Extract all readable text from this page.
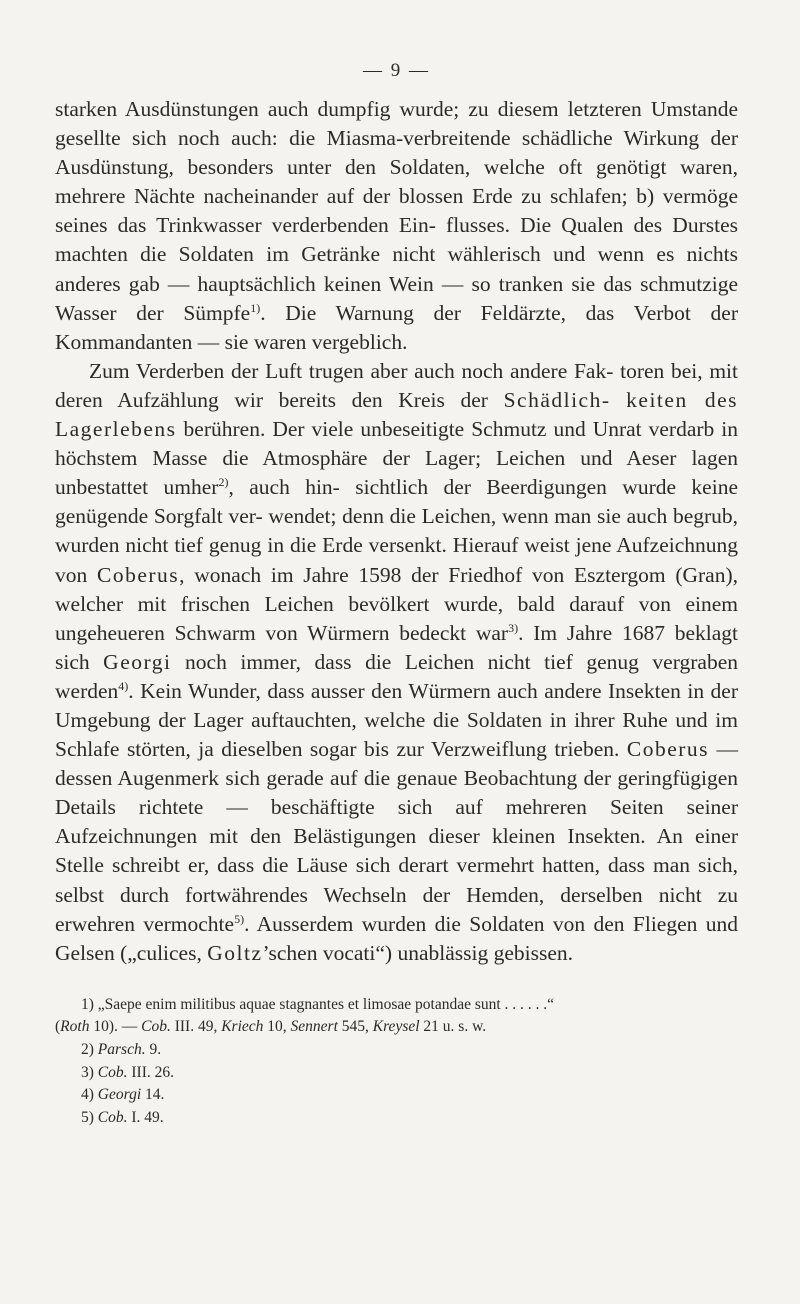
— 9 —

starken Ausdünstungen auch dumpfig wurde; zu diesem letzteren Umstande gesellte sich noch auch: die Miasma-verbreitende schädliche Wirkung der Ausdünstung, besonders unter den Soldaten, welche oft genötigt waren, mehrere Nächte nacheinander auf der blossen Erde zu schlafen; b) vermöge seines das Trinkwasser verderbenden Ein- flusses. Die Qualen des Durstes machten die Soldaten im Getränke nicht wählerisch und wenn es nichts anderes gab — hauptsächlich keinen Wein — so tranken sie das schmutzige Wasser der Sümpfe$^{1)}$. Die Warnung der Feldärzte, das Verbot der Kommandanten — sie waren vergeblich.

Zum Verderben der Luft trugen aber auch noch andere Fak- toren bei, mit deren Aufzählung wir bereits den Kreis der Schädlich- keiten des Lagerlebens berühren. Der viele unbeseitigte Schmutz und Unrat verdarb in höchstem Masse die Atmosphäre der Lager; Leichen und Aeser lagen unbestattet umher$^{2)}$, auch hin- sichtlich der Beerdigungen wurde keine genügende Sorgfalt ver- wendet; denn die Leichen, wenn man sie auch begrub, wurden nicht tief genug in die Erde versenkt. Hierauf weist jene Aufzeichnung von Coberus, wonach im Jahre 1598 der Friedhof von Esztergom (Gran), welcher mit frischen Leichen bevölkert wurde, bald darauf von einem ungeheueren Schwarm von Würmern bedeckt war$^{3)}$. Im Jahre 1687 beklagt sich Georgi noch immer, dass die Leichen nicht tief genug vergraben werden$^{4)}$. Kein Wunder, dass ausser den Würmern auch andere Insekten in der Umgebung der Lager auftauchten, welche die Soldaten in ihrer Ruhe und im Schlafe störten, ja dieselben sogar bis zur Verzweiflung trieben. Coberus — dessen Augenmerk sich gerade auf die genaue Beobachtung der geringfügigen Details richtete — beschäftigte sich auf mehreren Seiten seiner Aufzeichnungen mit den Belästigungen dieser kleinen Insekten. An einer Stelle schreibt er, dass die Läuse sich derart vermehrt hatten, dass man sich, selbst durch fortwährendes Wechseln der Hemden, derselben nicht zu erwehren vermochte$^{5)}$. Ausserdem wurden die Soldaten von den Fliegen und Gelsen („culices, Goltz’schen vocati“) unablässig gebissen.

1) „Saepe enim militibus aquae stagnantes et limosae potandae sunt . . . . . .“
(Roth 10). — Cob. III. 49, Kriech 10, Sennert 545, Kreysel 21 u. s. w.
2) Parsch. 9.
3) Cob. III. 26.
4) Georgi 14.
5) Cob. I. 49.
